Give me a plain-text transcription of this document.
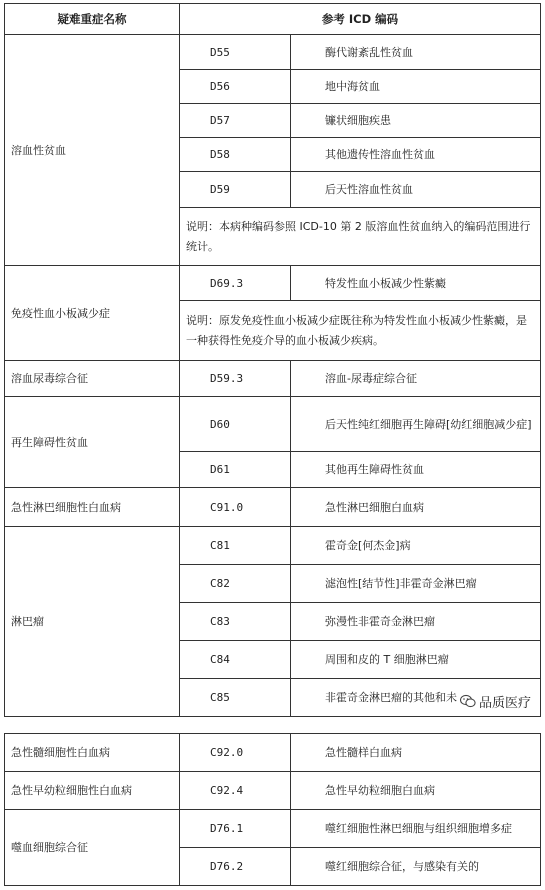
疑难重症名称	参考 ICD 编码	
溶血性贫血	D55	酶代谢紊乱性贫血
	D56	地中海贫血
	D57	镰状细胞疾患
	D58	其他遗传性溶血性贫血
	D59	后天性溶血性贫血
	说明：本病种编码参照 ICD-10 第 2 版溶血性贫血纳入的编码范围进行统计。	
免疫性血小板减少症	D69.3	特发性血小板减少性紫癜
	说明：原发免疫性血小板减少症既往称为特发性血小板减少性紫癜，是一种获得性免疫介导的血小板减少疾病。	
溶血尿毒综合征	D59.3	溶血-尿毒症综合征
再生障碍性贫血	D60	后天性纯红细胞再生障碍[幼红细胞减少症]
	D61	其他再生障碍性贫血
急性淋巴细胞性白血病	C91.0	急性淋巴细胞白血病
淋巴瘤	C81	霍奇金[何杰金]病
	C82	滤泡性[结节性]非霍奇金淋巴瘤
	C83	弥漫性非霍奇金淋巴瘤
	C84	周围和皮的 T 细胞淋巴瘤
	C85	非霍奇金淋巴瘤的其他和未
急性髓细胞性白血病	C92.0	急性髓样白血病
急性早幼粒细胞性白血病	C92.4	急性早幼粒细胞白血病
噬血细胞综合征	D76.1	噬红细胞性淋巴细胞与组织细胞增多症
	D76.2	噬红细胞综合征，与感染有关的
品质医疗
